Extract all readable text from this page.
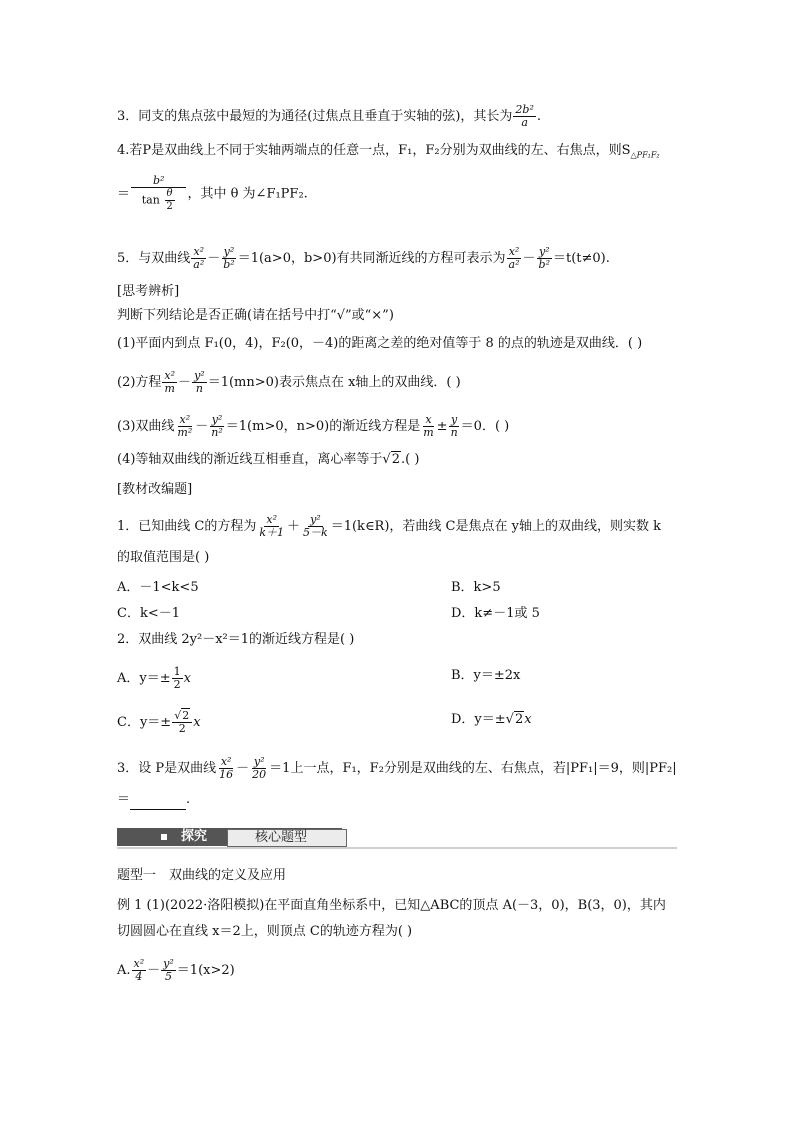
3．同支的焦点弦中最短的为通径(过焦点且垂直于实轴的弦)，其长为 $\frac{\text{2b²}}{a}$ .
4.若P是双曲线上不同于实轴两端点的任意一点，F₁，F₂分别为双曲线的左、右焦点，则$S_{\triangle PF_1F_2}$
＝ $\frac{\text{b²}}{\tan \frac{\theta}{2}}$ ，其中 θ 为∠F₁PF₂.
5．与双曲线 $\frac{\text{x²}}{\text{a²}} - \frac{\text{y²}}{\text{b²}} =1(a>0$，b>0)有共同渐近线的方程可表示为 $\frac{\text{x²}}{\text{a²}} - \frac{\text{y²}}{\text{b²}} =t(t\ne 0)$.
[思考辨析]
判断下列结论是否正确(请在括号中打“√”或“×”)
(1)平面内到点 F₁(0，4)，F₂(0，－4)的距离之差的绝对值等于 8 的点的轨迹是双曲线．( )
(2)方程 $\frac{\text{x²}}{m} - \frac{\text{y²}}{n} =1(mn>0)$表示焦点在 x轴上的双曲线．( )
(3)双曲线 $\frac{\text{x²}}{\text{m²}} - \frac{\text{y²}}{\text{n²}} =1(m>0$，n>0)的渐近线方程是 $\frac{x}{m} \pm \frac{y}{n} =0$．( )
(4)等轴双曲线的渐近线互相垂直，离心率等于√2.( )
[教材改编题]
1．已知曲线 C的方程为 $\frac{\text{x²}}{k+1} + \frac{\text{y²}}{5-k}$ ＝1(k∈R)，若曲线 C是焦点在 y轴上的双曲线，则实数 k
的取值范围是( )
A．－1<k<5	B．k>5
C．k<－1	D．k≠－1或 5
2．双曲线 2y²－x²＝1的渐近线方程是( )
A．$y=\pm \frac{1}{2}$ x	B．y＝±2x
C．$y=\pm \frac{√2}{2}$ x	D．y＝±√2x
3．设 P是双曲线 $\frac{\text{x²}}{16} - \frac{\text{y²}}{20} =1$上一点，F₁，F₂分别是双曲线的左、右焦点，若|PF₁|＝9，则|PF₂|
＝	.
探究	核心题型
题型一　双曲线的定义及应用
例 1 (1)(2022·洛阳模拟)在平面直角坐标系中，已知△ABC的顶点 A(－3，0)，B(3，0)，其内
切圆圆心在直线 x＝2上，则顶点 C的轨迹方程为( )
A. $\frac{\text{x²}}{4} - \frac{\text{y²}}{5} =1(x>2)$
